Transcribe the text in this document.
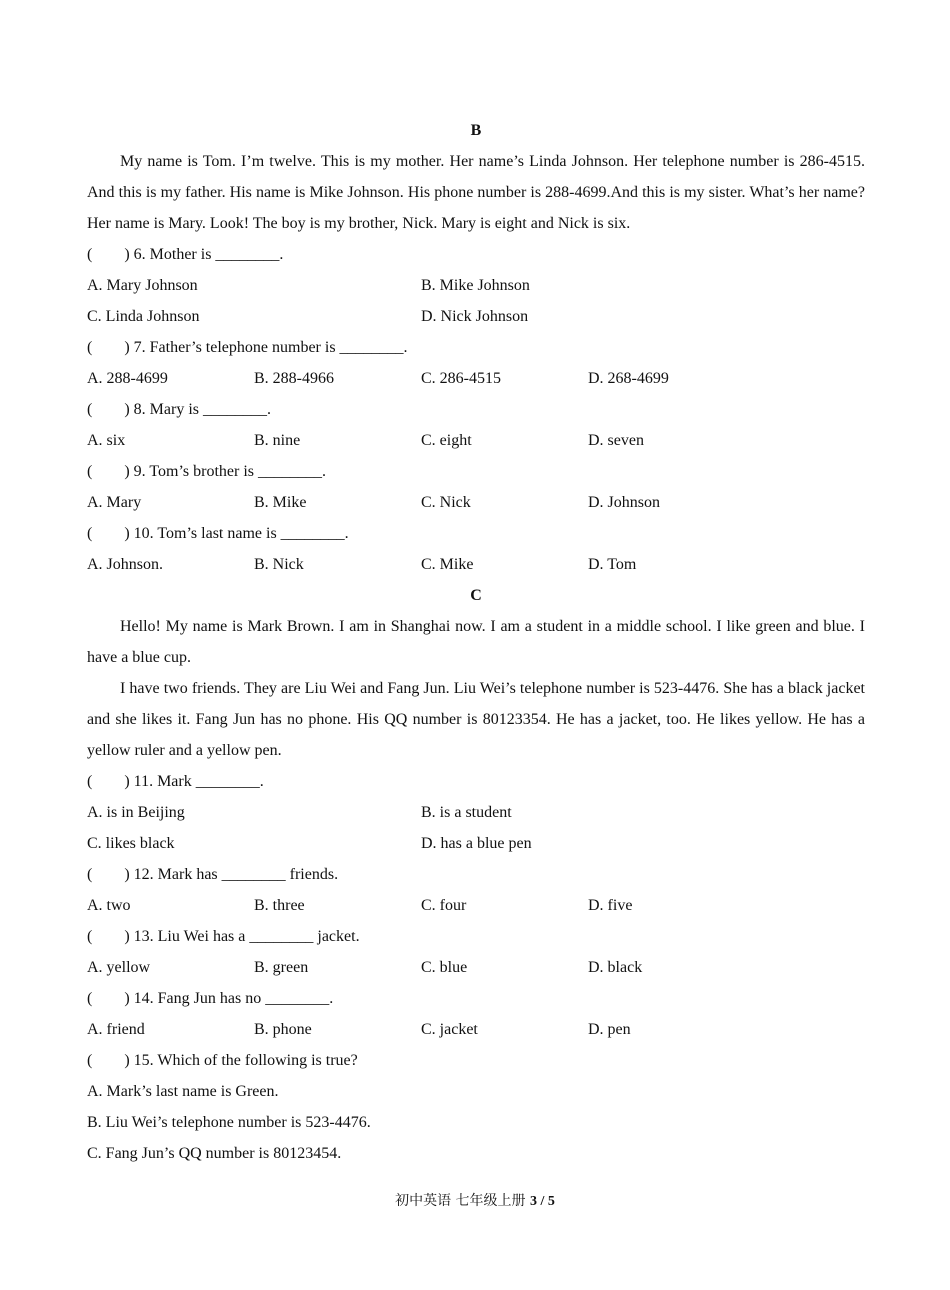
B

My name is Tom. I’m twelve. This is my mother. Her name’s Linda Johnson. Her telephone number is 286-4515. And this is my father. His name is Mike Johnson. His phone number is 288-4699.And this is my sister. What’s her name? Her name is Mary. Look! The boy is my brother, Nick. Mary is eight and Nick is six.

(        ) 6. Mother is ________.
A. Mary Johnson	B. Mike Johnson
C. Linda Johnson	D. Nick Johnson
(        ) 7. Father’s telephone number is ________.
A. 288-4699	B. 288-4966	C. 286-4515	D. 268-4699
(        ) 8. Mary is ________.
A. six	B. nine	C. eight	D. seven
(        ) 9. Tom’s brother is ________.
A. Mary	B. Mike	C. Nick	D. Johnson
(        ) 10. Tom’s last name is ________.
A. Johnson.	B. Nick	C. Mike	D. Tom
C

Hello! My name is Mark Brown. I am in Shanghai now. I am a student in a middle school. I like green and blue. I have a blue cup.

I have two friends. They are Liu Wei and Fang Jun. Liu Wei’s telephone number is 523-4476. She has a black jacket and she likes it. Fang Jun has no phone. His QQ number is 80123354. He has a jacket, too. He likes yellow. He has a yellow ruler and a yellow pen.

(        ) 11. Mark ________.
A. is in Beijing	B. is a student
C. likes black	D. has a blue pen
(        ) 12. Mark has ________ friends.
A. two	B. three	C. four	D. five
(        ) 13. Liu Wei has a ________ jacket.
A. yellow	B. green	C. blue	D. black
(        ) 14. Fang Jun has no ________.
A. friend	B. phone	C. jacket	D. pen
(        ) 15. Which of the following is true?
A. Mark’s last name is Green.
B. Liu Wei’s telephone number is 523-4476.
C. Fang Jun’s QQ number is 80123454.
初中英语 七年级上册 3 / 5
